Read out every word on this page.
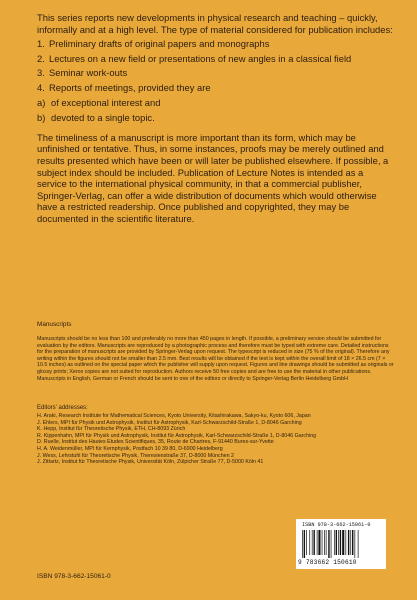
This series reports new developments in physical research and teaching – quickly, informally and at a high level. The type of material considered for publication includes:

1. Preliminary drafts of original papers and monographs
2. Lectures on a new field or presentations of new angles in a classical field
3. Seminar work-outs
4. Reports of meetings, provided they are
a) of exceptional interest and
b) devoted to a single topic.

The timeliness of a manuscript is more important than its form, which may be unfinished or tentative. Thus, in some instances, proofs may be merely outlined and results presented which have been or will later be published elsewhere. If possible, a subject index should be included. Publication of Lecture Notes is intended as a service to the international physical community, in that a commercial publisher, Springer-Verlag, can offer a wide distribution of documents which would otherwise have a restricted readership. Once published and copyrighted, they may be documented in the scientific literature.

Manuscripts
Manuscripts should be no less than 100 and preferably no more than 450 pages in length. If possible, a preliminary version should be submitted for evaluation by the editors. Manuscripts are reproduced by a photographic process and therefore must be typed with extreme care. Detailed instructions for the preparation of manuscripts are provided by Springer-Verlag upon request. The typescript is reduced in size (75 % of the original). Therefore any writing within the figures should not be smaller than 2.5 mm. Best results will be obtained if the text is kept within the overall limit of 18 × 26.5 cm (7 × 10.5 inches) as outlined on the special paper which the publisher will supply upon request. Figures and line drawings should be submitted as originals or glossy prints; Xerox copies are not suited for reproduction. Authors receive 50 free copies and are free to use the material in other publications. Manuscripts in English, German or French should be sent to one of the editors or directly to Springer-Verlag Berlin Heidelberg GmbH
Editors' addresses:

H. Araki, Research Institute for Mathematical Sciences, Kyoto University, Kitashirakawa, Sakyo-ku, Kyoto 606, Japan

J. Ehlers, MPI für Physik und Astrophysik, Institut für Astrophysik, Karl-Schwarzschild-Straße 1, D-8046 Garching

K. Hepp, Institut für Theoretische Physik, ETH, CH-8093 Zürich

R. Kippenhahn, MPI für Physik und Astrophysik, Institut für Astrophysik, Karl-Schwarzschild-Straße 1, D-8046 Garching

D. Ruelle, Institut des Hautes Etudes Scientifiques, 35, Route de Chartres, F-91440 Bures-sur-Yvette

H. A. Weidenmüller, MPI für Kernphysik, Postfach 10 39 80, D-6900 Heidelberg

J. Wess, Lehrstuhl für Theoretische Physik, Theresienstraße 37, D-8000 München 2

J. Zittartz, Institut für Theoretische Physik, Universität Köln, Zülpicher Straße 77, D-5000 Köln 41

ISBN 978-3-662-15061-0
9 783662 150610
ISBN 978-3-662-15061-0
